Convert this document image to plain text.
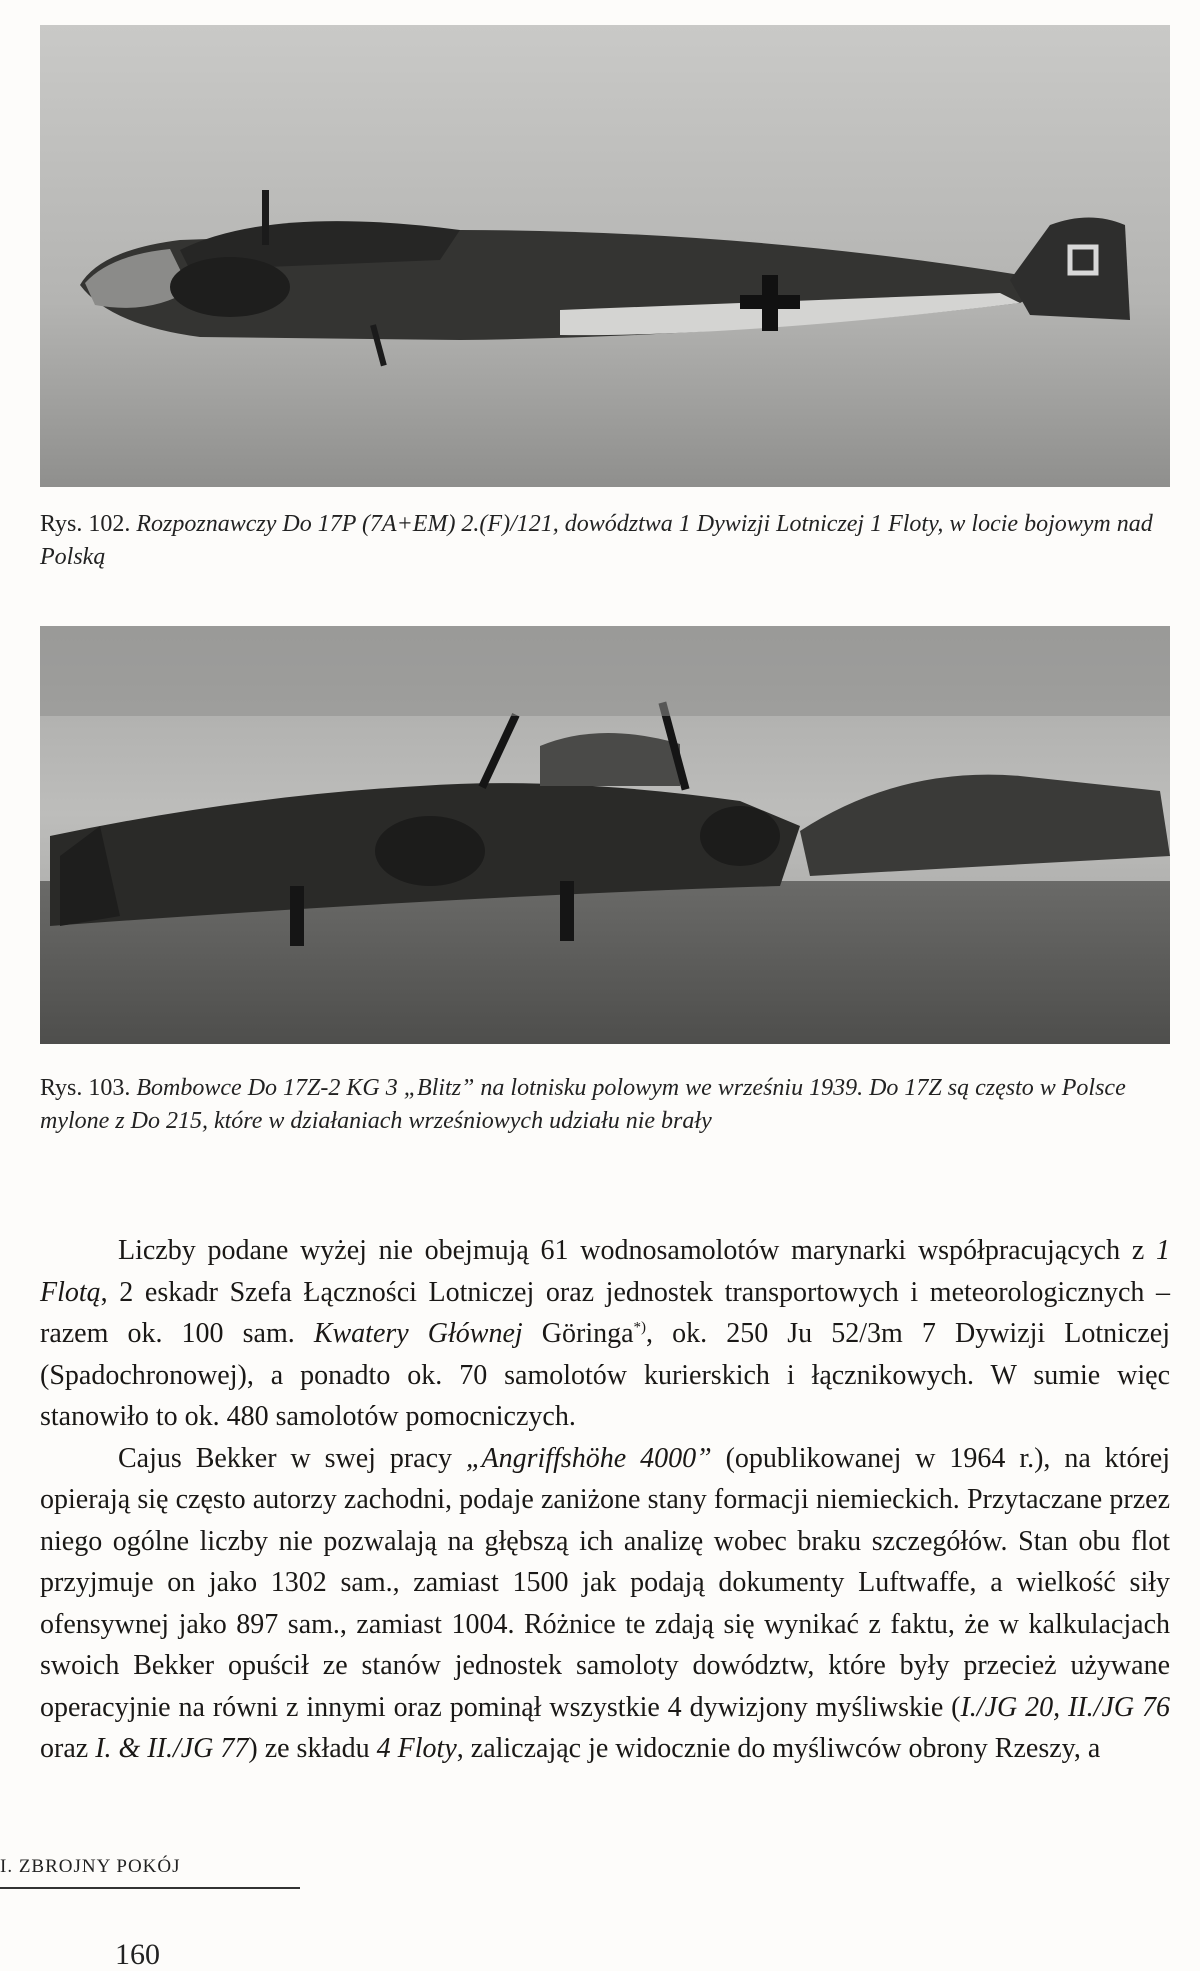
Rys. 102. Rozpoznawczy Do 17P (7A+EM) 2.(F)/121, dowództwa 1 Dywizji Lotniczej 1 Floty, w locie bojowym nad Polską
Rys. 103. Bombowce Do 17Z-2 KG 3 „Blitz” na lotnisku polowym we wrześniu 1939. Do 17Z są często w Polsce mylone z Do 215, które w działaniach wrześniowych udziału nie brały

Liczby podane wyżej nie obejmują 61 wodnosamolotów marynarki współpracujących z 1 Flotą, 2 eskadr Szefa Łączności Lotniczej oraz jednostek transportowych i meteorologicznych – razem ok. 100 sam. Kwatery Głównej Göringa*), ok. 250 Ju 52/3m 7 Dywizji Lotniczej (Spadochronowej), a ponadto ok. 70 samolotów kurierskich i łącznikowych. W sumie więc stanowiło to ok. 480 samolotów pomocniczych.

Cajus Bekker w swej pracy „Angriffshöhe 4000” (opublikowanej w 1964 r.), na której opierają się często autorzy zachodni, podaje zaniżone stany formacji niemieckich. Przytaczane przez niego ogólne liczby nie pozwalają na głębszą ich analizę wobec braku szczegółów. Stan obu flot przyjmuje on jako 1302 sam., zamiast 1500 jak podają dokumenty Luftwaffe, a wielkość siły ofensywnej jako 897 sam., zamiast 1004. Różnice te zdają się wynikać z faktu, że w kalkulacjach swoich Bekker opuścił ze stanów jednostek samoloty dowództw, które były przecież używane operacyjnie na równi z innymi oraz pominął wszystkie 4 dywizjony myśliwskie (I./JG 20, II./JG 76 oraz I. & II./JG 77) ze składu 4 Floty, zaliczając je widocznie do myśliwców obrony Rzeszy, a

I. ZBROJNY POKÓJ
160
